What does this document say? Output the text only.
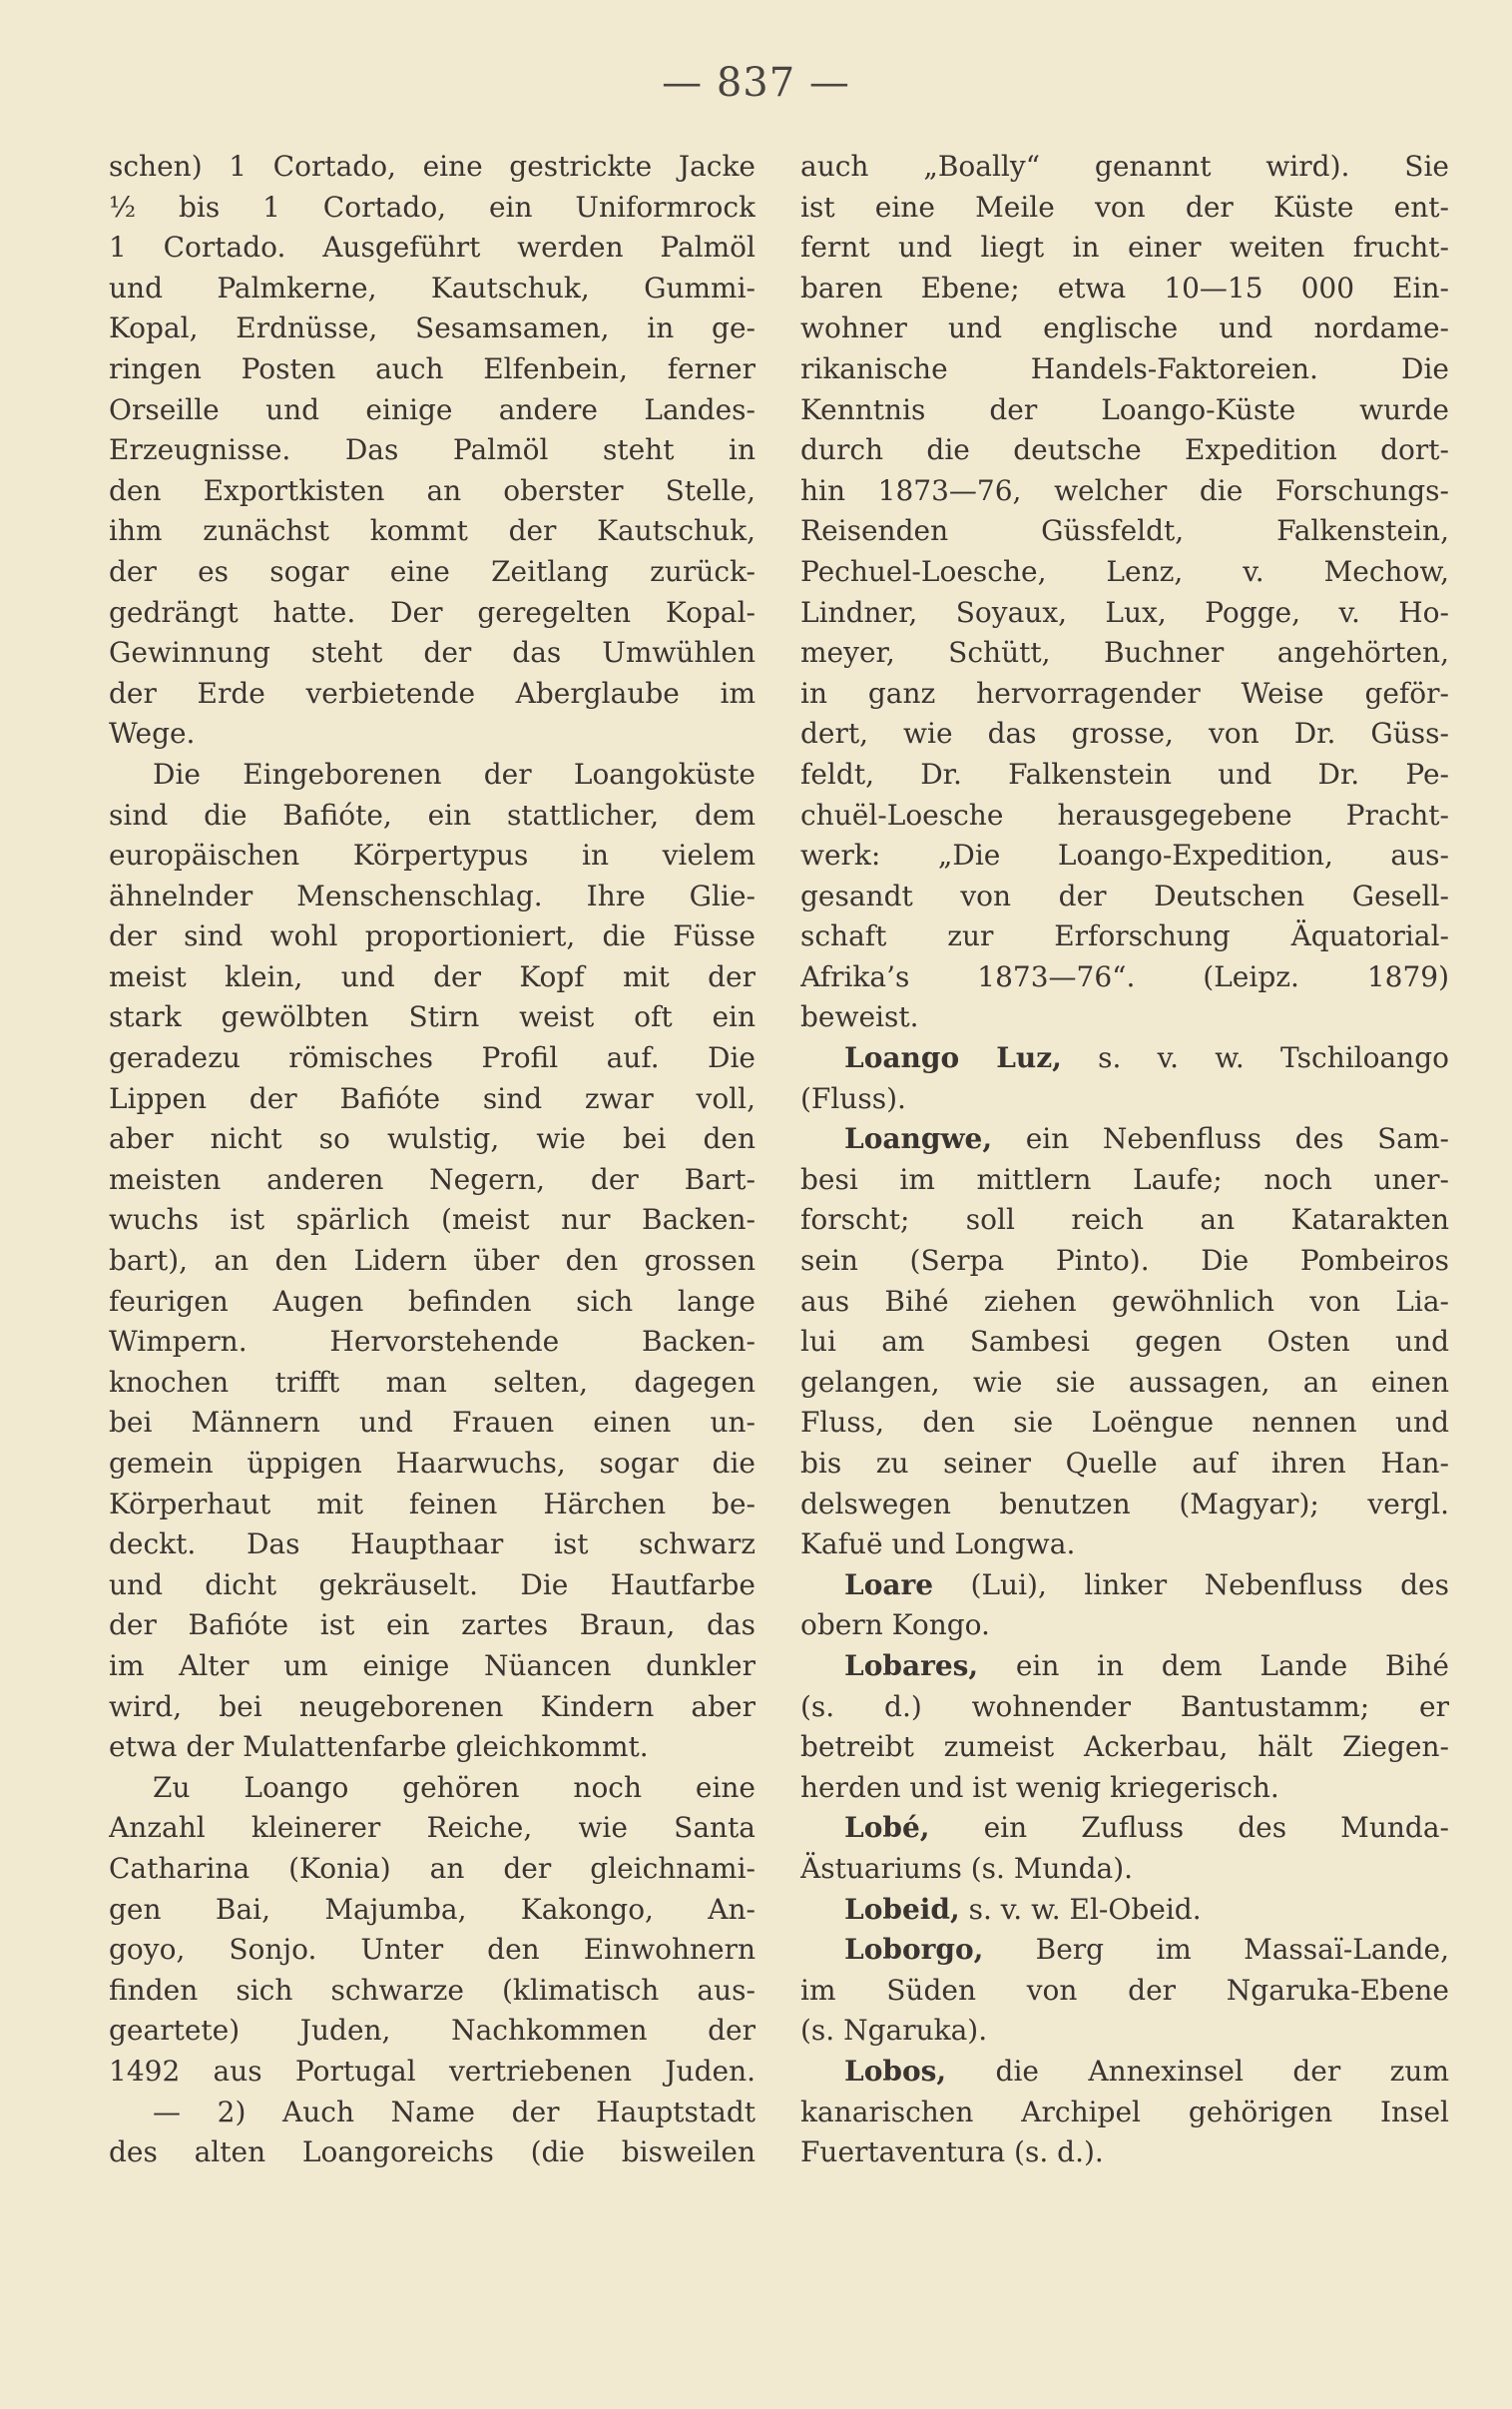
— 837 —
schen) 1 Cortado, eine gestrickte Jacke
½ bis 1 Cortado, ein Uniformrock
1 Cortado. Ausgeführt werden Palmöl
und Palmkerne, Kautschuk, Gummi-
Kopal, Erdnüsse, Sesamsamen, in ge-
ringen Posten auch Elfenbein, ferner
Orseille und einige andere Landes-
Erzeugnisse. Das Palmöl steht in
den Exportkisten an oberster Stelle,
ihm zunächst kommt der Kautschuk,
der es sogar eine Zeitlang zurück-
gedrängt hatte. Der geregelten Kopal-
Gewinnung steht der das Umwühlen
der Erde verbietende Aberglaube im
Wege.
Die Eingeborenen der Loangoküste
sind die Bafióte, ein stattlicher, dem
europäischen Körpertypus in vielem
ähnelnder Menschenschlag. Ihre Glie-
der sind wohl proportioniert, die Füsse
meist klein, und der Kopf mit der
stark gewölbten Stirn weist oft ein
geradezu römisches Profil auf. Die
Lippen der Bafióte sind zwar voll,
aber nicht so wulstig, wie bei den
meisten anderen Negern, der Bart-
wuchs ist spärlich (meist nur Backen-
bart), an den Lidern über den grossen
feurigen Augen befinden sich lange
Wimpern. Hervorstehende Backen-
knochen trifft man selten, dagegen
bei Männern und Frauen einen un-
gemein üppigen Haarwuchs, sogar die
Körperhaut mit feinen Härchen be-
deckt. Das Haupthaar ist schwarz
und dicht gekräuselt. Die Hautfarbe
der Bafióte ist ein zartes Braun, das
im Alter um einige Nüancen dunkler
wird, bei neugeborenen Kindern aber
etwa der Mulattenfarbe gleichkommt.
Zu Loango gehören noch eine
Anzahl kleinerer Reiche, wie Santa
Catharina (Konia) an der gleichnami-
gen Bai, Majumba, Kakongo, An-
goyo, Sonjo. Unter den Einwohnern
finden sich schwarze (klimatisch aus-
geartete) Juden, Nachkommen der
1492 aus Portugal vertriebenen Juden.
— 2) Auch Name der Hauptstadt
des alten Loangoreichs (die bisweilen
auch „Boally“ genannt wird). Sie
ist eine Meile von der Küste ent-
fernt und liegt in einer weiten frucht-
baren Ebene; etwa 10—15 000 Ein-
wohner und englische und nordame-
rikanische Handels-Faktoreien. Die
Kenntnis der Loango-Küste wurde
durch die deutsche Expedition dort-
hin 1873—76, welcher die Forschungs-
Reisenden Güssfeldt, Falkenstein,
Pechuel-Loesche, Lenz, v. Mechow,
Lindner, Soyaux, Lux, Pogge, v. Ho-
meyer, Schütt, Buchner angehörten,
in ganz hervorragender Weise geför-
dert, wie das grosse, von Dr. Güss-
feldt, Dr. Falkenstein und Dr. Pe-
chuël-Loesche herausgegebene Pracht-
werk: „Die Loango-Expedition, aus-
gesandt von der Deutschen Gesell-
schaft zur Erforschung Äquatorial-
Afrika’s 1873—76“. (Leipz. 1879)
beweist.
Loango Luz, s. v. w. Tschiloango
(Fluss).
Loangwe, ein Nebenfluss des Sam-
besi im mittlern Laufe; noch uner-
forscht; soll reich an Katarakten
sein (Serpa Pinto). Die Pombeiros
aus Bihé ziehen gewöhnlich von Lia-
lui am Sambesi gegen Osten und
gelangen, wie sie aussagen, an einen
Fluss, den sie Loëngue nennen und
bis zu seiner Quelle auf ihren Han-
delswegen benutzen (Magyar); vergl.
Kafuë und Longwa.
Loare (Lui), linker Nebenfluss des
obern Kongo.
Lobares, ein in dem Lande Bihé
(s. d.) wohnender Bantustamm; er
betreibt zumeist Ackerbau, hält Ziegen-
herden und ist wenig kriegerisch.
Lobé, ein Zufluss des Munda-
Ästuariums (s. Munda).
Lobeid, s. v. w. El-Obeid.
Loborgo, Berg im Massaï-Lande,
im Süden von der Ngaruka-Ebene
(s. Ngaruka).
Lobos, die Annexinsel der zum
kanarischen Archipel gehörigen Insel
Fuertaventura (s. d.).
